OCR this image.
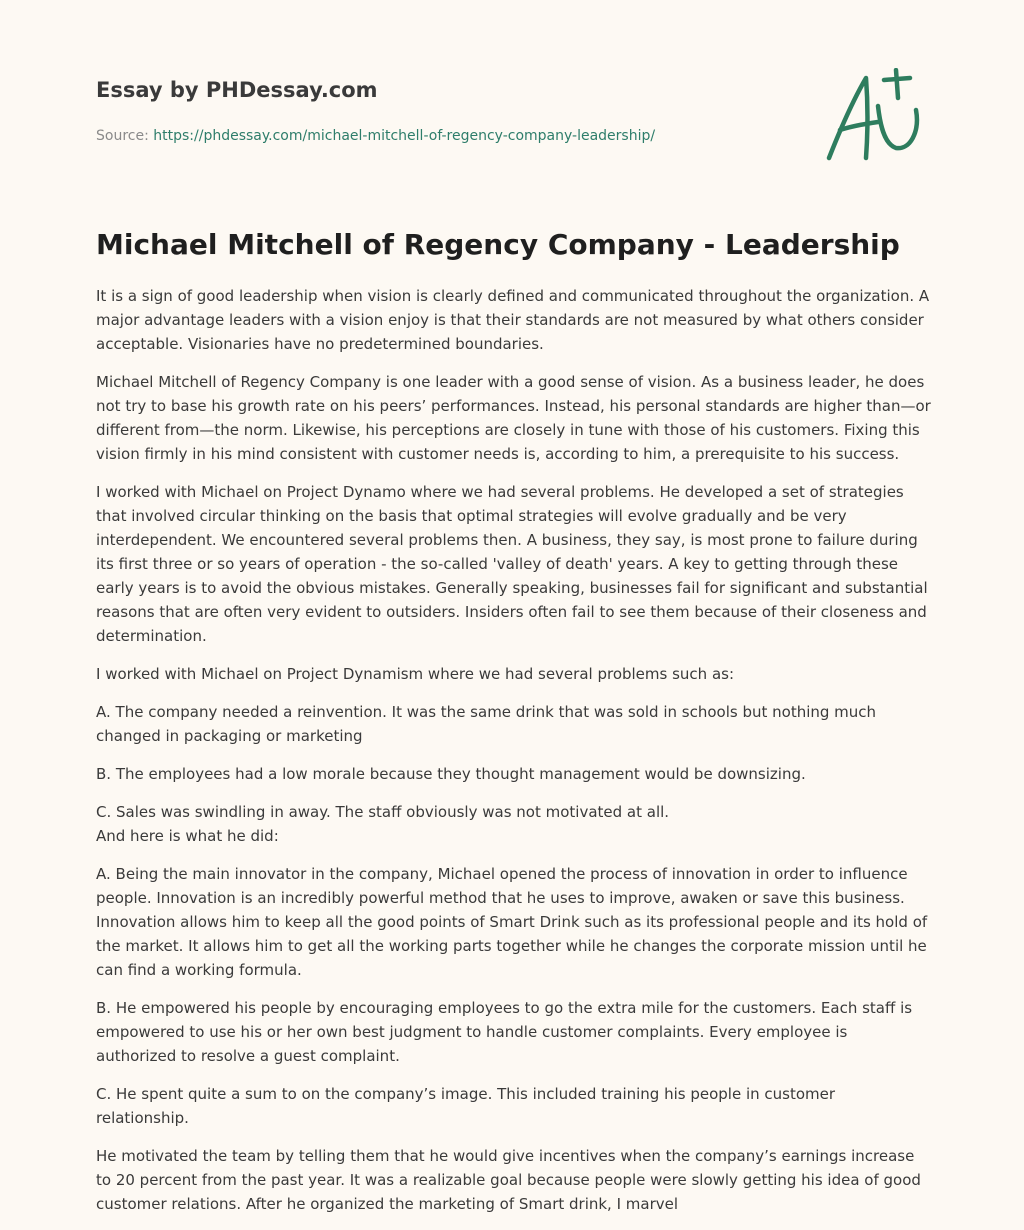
Essay by PHDessay.com
Source: https://phdessay.com/michael-mitchell-of-regency-company-leadership/
Michael Mitchell of Regency Company - Leadership

It is a sign of good leadership when vision is clearly defined and communicated throughout the organization. A major advantage leaders with a vision enjoy is that their standards are not measured by what others consider acceptable. Visionaries have no predetermined boundaries.

Michael Mitchell of Regency Company is one leader with a good sense of vision. As a business leader, he does not try to base his growth rate on his peers’ performances. Instead, his personal standards are higher than—or different from—the norm. Likewise, his perceptions are closely in tune with those of his customers. Fixing this vision firmly in his mind consistent with customer needs is, according to him, a prerequisite to his success.

I worked with Michael on Project Dynamo where we had several problems. He developed a set of strategies that involved circular thinking on the basis that optimal strategies will evolve gradually and be very interdependent. We encountered several problems then. A business, they say, is most prone to failure during its first three or so years of operation - the so-called 'valley of death' years. A key to getting through these early years is to avoid the obvious mistakes. Generally speaking, businesses fail for significant and substantial reasons that are often very evident to outsiders. Insiders often fail to see them because of their closeness and determination.

I worked with Michael on Project Dynamism where we had several problems such as:

A. The company needed a reinvention. It was the same drink that was sold in schools but nothing much changed in packaging or marketing

B. The employees had a low morale because they thought management would be downsizing.

C. Sales was swindling in away. The staff obviously was not motivated at all.
And here is what he did:

A. Being the main innovator in the company, Michael opened the process of innovation in order to influence people. Innovation is an incredibly powerful method that he uses to improve, awaken or save this business. Innovation allows him to keep all the good points of Smart Drink such as its professional people and its hold of the market. It allows him to get all the working parts together while he changes the corporate mission until he can find a working formula.

B. He empowered his people by encouraging employees to go the extra mile for the customers. Each staff is empowered to use his or her own best judgment to handle customer complaints. Every employee is authorized to resolve a guest complaint.

C. He spent quite a sum to on the company’s image. This included training his people in customer relationship.

He motivated the team by telling them that he would give incentives when the company’s earnings increase to 20 percent from the past year. It was a realizable goal because people were slowly getting his idea of good customer relations. After he organized the marketing of Smart drink, I marvel
